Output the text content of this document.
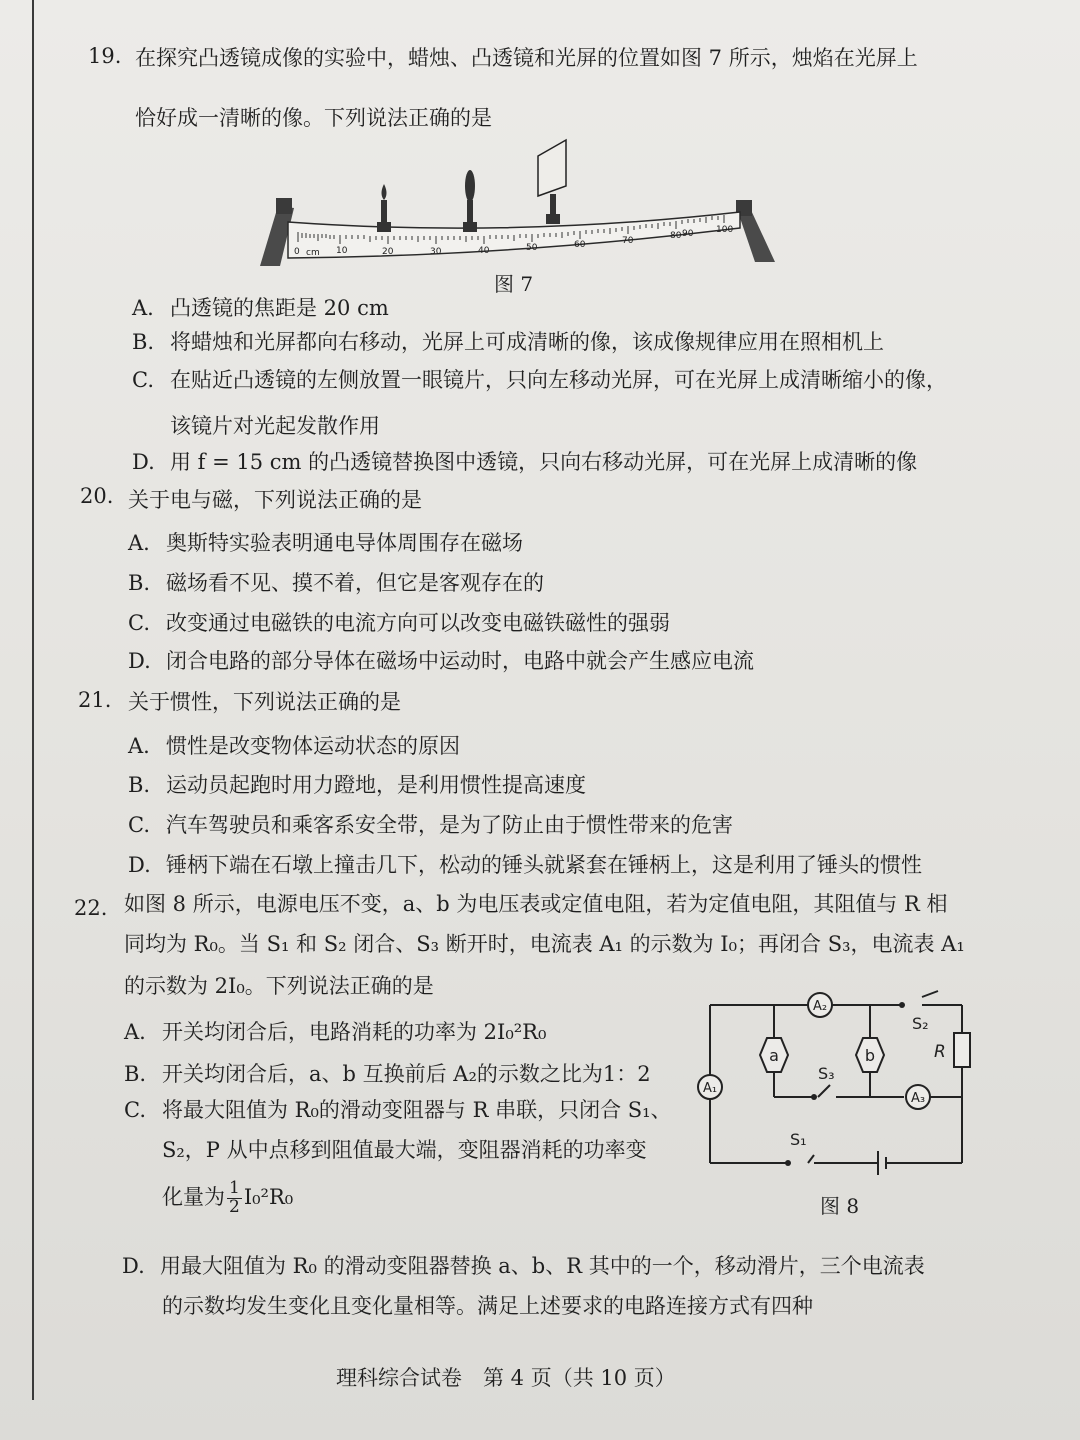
19. 在探究凸透镜成像的实验中，蜡烛、凸透镜和光屏的位置如图 7 所示，烛焰在光屏上
恰好成一清晰的像。下列说法正确的是
0 cm 10	20	30	40	50	60	70	80 90	100
图 7
A. 凸透镜的焦距是 20 cm
B. 将蜡烛和光屏都向右移动，光屏上可成清晰的像，该成像规律应用在照相机上
C. 在贴近凸透镜的左侧放置一眼镜片，只向左移动光屏，可在光屏上成清晰缩小的像，
该镜片对光起发散作用
D. 用 f = 15 cm 的凸透镜替换图中透镜，只向右移动光屏，可在光屏上成清晰的像
20. 关于电与磁，下列说法正确的是
A. 奥斯特实验表明通电导体周围存在磁场
B. 磁场看不见、摸不着，但它是客观存在的
C. 改变通过电磁铁的电流方向可以改变电磁铁磁性的强弱
D. 闭合电路的部分导体在磁场中运动时，电路中就会产生感应电流
21. 关于惯性，下列说法正确的是
A. 惯性是改变物体运动状态的原因
B. 运动员起跑时用力蹬地，是利用惯性提高速度
C. 汽车驾驶员和乘客系安全带，是为了防止由于惯性带来的危害
D. 锤柄下端在石墩上撞击几下，松动的锤头就紧套在锤柄上，这是利用了锤头的惯性
22. 如图 8 所示，电源电压不变，a、b 为电压表或定值电阻，若为定值电阻，其阻值与 R 相
同均为 R₀。当 S₁ 和 S₂ 闭合、S₃ 断开时，电流表 A₁ 的示数为 I₀；再闭合 S₃，电流表 A₁
的示数为 2I₀。下列说法正确的是
A. 开关均闭合后，电路消耗的功率为 2I₀²R₀
B. 开关均闭合后，a、b 互换前后 A₂的示数之比为1：2
C. 将最大阻值为 R₀的滑动变阻器与 R 串联，只闭合 S₁、
S₂，P 从中点移到阻值最大端，变阻器消耗的功率变
化量为 $\frac{1}{2} I_0^2R_0$
D. 用最大阻值为 R₀ 的滑动变阻器替换 a、b、R 其中的一个，移动滑片，三个电流表
的示数均发生变化且变化量相等。满足上述要求的电路连接方式有四种
A₂
A₁
A₃
a	b
S₂
R
S₃
S₁
图 8
理科综合试卷　第 4 页（共 10 页）
